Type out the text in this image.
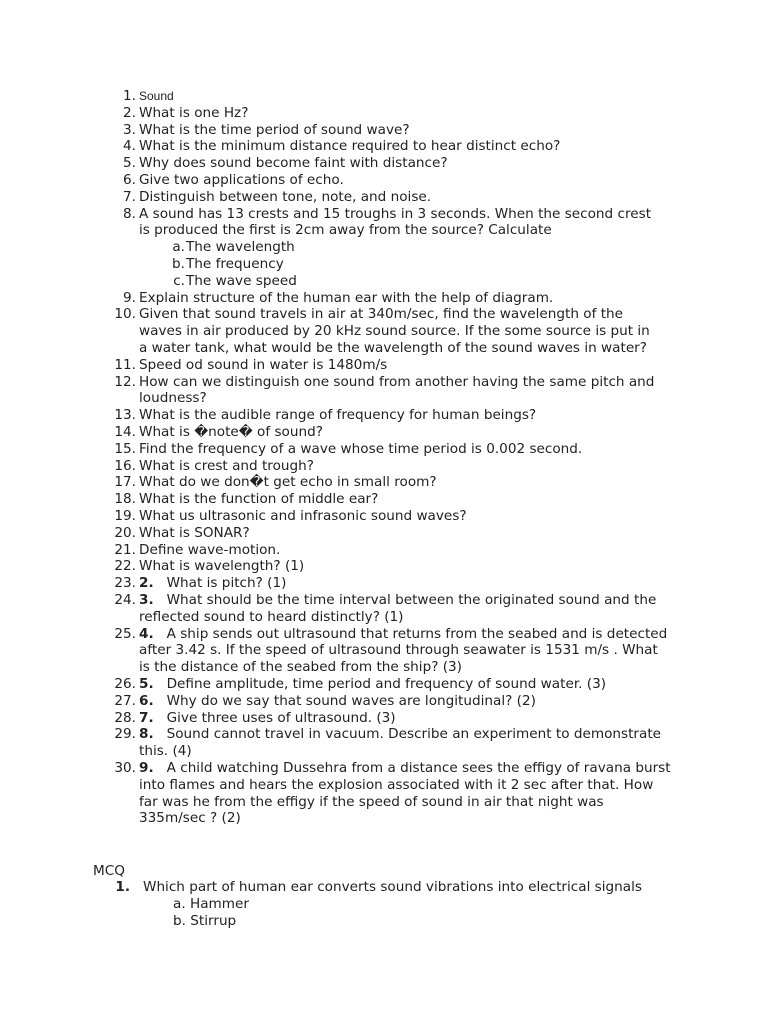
1. Sound
2. What is one Hz?
3. What is the time period of sound wave?
4. What is the minimum distance required to hear distinct echo?
5. Why does sound become faint with distance?
6. Give two applications of echo.
7. Distinguish between tone, note, and noise.
8. A sound has 13 crests and 15 troughs in 3 seconds. When the second crest
is produced the first is 2cm away from the source? Calculate
a. The wavelength
b. The frequency
c. The wave speed
9. Explain structure of the human ear with the help of diagram.
10. Given that sound travels in air at 340m/sec, find the wavelength of the
waves in air produced by 20 kHz sound source. If the some source is put in
a water tank, what would be the wavelength of the sound waves in water?
11. Speed od sound in water is 1480m/s
12. How can we distinguish one sound from another having the same pitch and
loudness?
13. What is the audible range of frequency for human beings?
14. What is �note� of sound?
15. Find the frequency of a wave whose time period is 0.002 second.
16. What is crest and trough?
17. What do we don�t get echo in small room?
18. What is the function of middle ear?
19. What us ultrasonic and infrasonic sound waves?
20. What is SONAR?
21. Define wave-motion.
22. What is wavelength? (1)
23. 2. What is pitch? (1)
24. 3. What should be the time interval between the originated sound and the
reflected sound to heard distinctly? (1)
25. 4. A ship sends out ultrasound that returns from the seabed and is detected
after 3.42 s. If the speed of ultrasound through seawater is 1531 m/s . What
is the distance of the seabed from the ship? (3)
26. 5. Define amplitude, time period and frequency of sound water. (3)
27. 6. Why do we say that sound waves are longitudinal? (2)
28. 7. Give three uses of ultrasound. (3)
29. 8. Sound cannot travel in vacuum. Describe an experiment to demonstrate
this. (4)
30. 9. A child watching Dussehra from a distance sees the effigy of ravana burst
into flames and hears the explosion associated with it 2 sec after that. How
far was he from the effigy if the speed of sound in air that night was
335m/sec ? (2)
MCQ
1. Which part of human ear converts sound vibrations into electrical signals
a. Hammer
b. Stirrup
